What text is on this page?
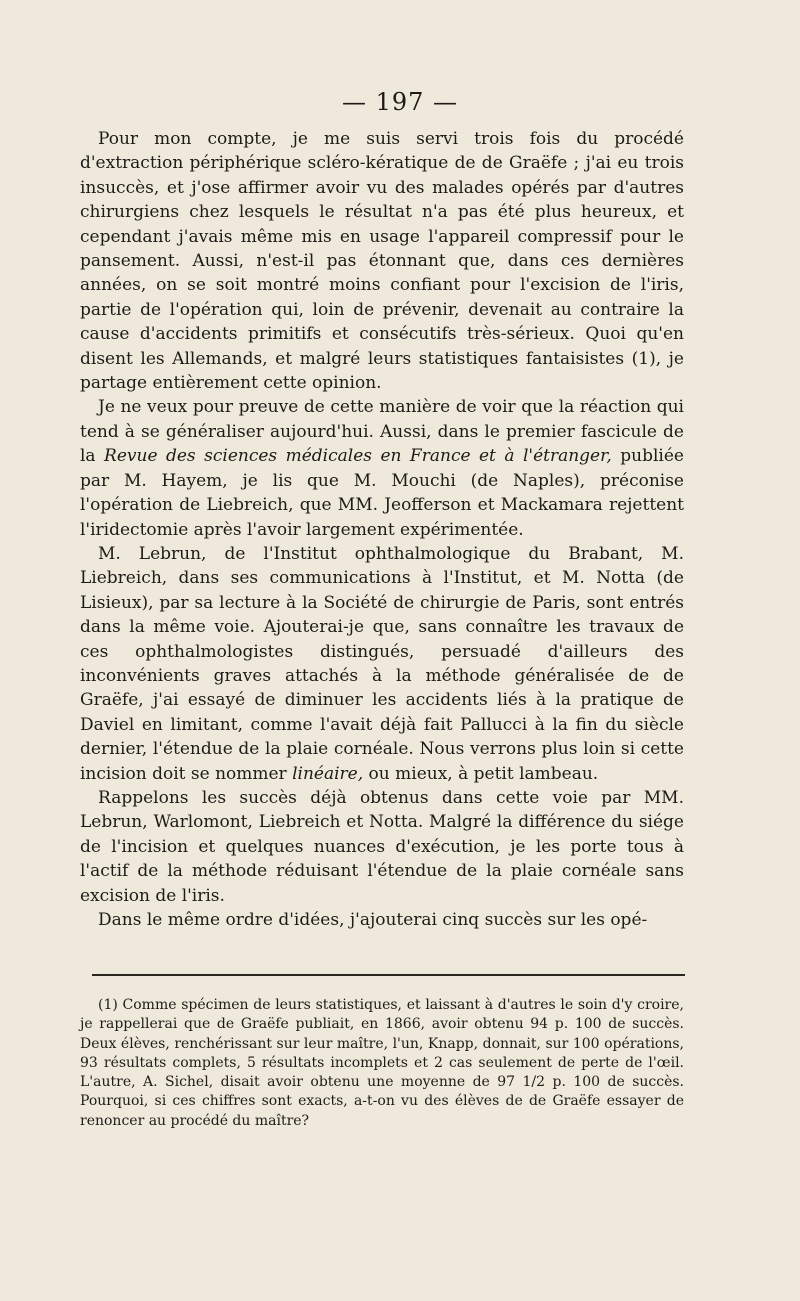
— 197 —

Pour mon compte, je me suis servi trois fois du procédé d'extraction périphérique scléro-kératique de de Graëfe ; j'ai eu trois insuccès, et j'ose affirmer avoir vu des malades opérés par d'autres chirurgiens chez lesquels le résultat n'a pas été plus heureux, et cependant j'avais même mis en usage l'appareil compressif pour le pansement. Aussi, n'est-il pas étonnant que, dans ces dernières années, on se soit montré moins confiant pour l'excision de l'iris, partie de l'opération qui, loin de prévenir, devenait au contraire la cause d'accidents primitifs et consécutifs très-sérieux. Quoi qu'en disent les Allemands, et malgré leurs statistiques fantaisistes (1), je partage entièrement cette opinion.

Je ne veux pour preuve de cette manière de voir que la réaction qui tend à se généraliser aujourd'hui. Aussi, dans le premier fascicule de la Revue des sciences médicales en France et à l'étranger, publiée par M. Hayem, je lis que M. Mouchi (de Naples), préconise l'opération de Liebreich, que MM. Jeofferson et Mackamara rejettent l'iridectomie après l'avoir largement expérimentée.

M. Lebrun, de l'Institut ophthalmologique du Brabant, M. Liebreich, dans ses communications à l'Institut, et M. Notta (de Lisieux), par sa lecture à la Société de chirurgie de Paris, sont entrés dans la même voie. Ajouterai-je que, sans connaître les travaux de ces ophthalmologistes distingués, persuadé d'ailleurs des inconvénients graves attachés à la méthode généralisée de de Graëfe, j'ai essayé de diminuer les accidents liés à la pratique de Daviel en limitant, comme l'avait déjà fait Pallucci à la fin du siècle dernier, l'étendue de la plaie cornéale. Nous verrons plus loin si cette incision doit se nommer linéaire, ou mieux, à petit lambeau.

Rappelons les succès déjà obtenus dans cette voie par MM. Lebrun, Warlomont, Liebreich et Notta. Malgré la différence du siége de l'incision et quelques nuances d'exécution, je les porte tous à l'actif de la méthode réduisant l'étendue de la plaie cornéale sans excision de l'iris.

Dans le même ordre d'idées, j'ajouterai cinq succès sur les opé-

(1) Comme spécimen de leurs statistiques, et laissant à d'autres le soin d'y croire, je rappellerai que de Graëfe publiait, en 1866, avoir obtenu 94 p. 100 de succès. Deux élèves, renchérissant sur leur maître, l'un, Knapp, donnait, sur 100 opérations, 93 résultats complets, 5 résultats incomplets et 2 cas seulement de perte de l'œil. L'autre, A. Sichel, disait avoir obtenu une moyenne de 97 1/2 p. 100 de succès. Pourquoi, si ces chiffres sont exacts, a-t-on vu des élèves de de Graëfe essayer de renoncer au procédé du maître?
